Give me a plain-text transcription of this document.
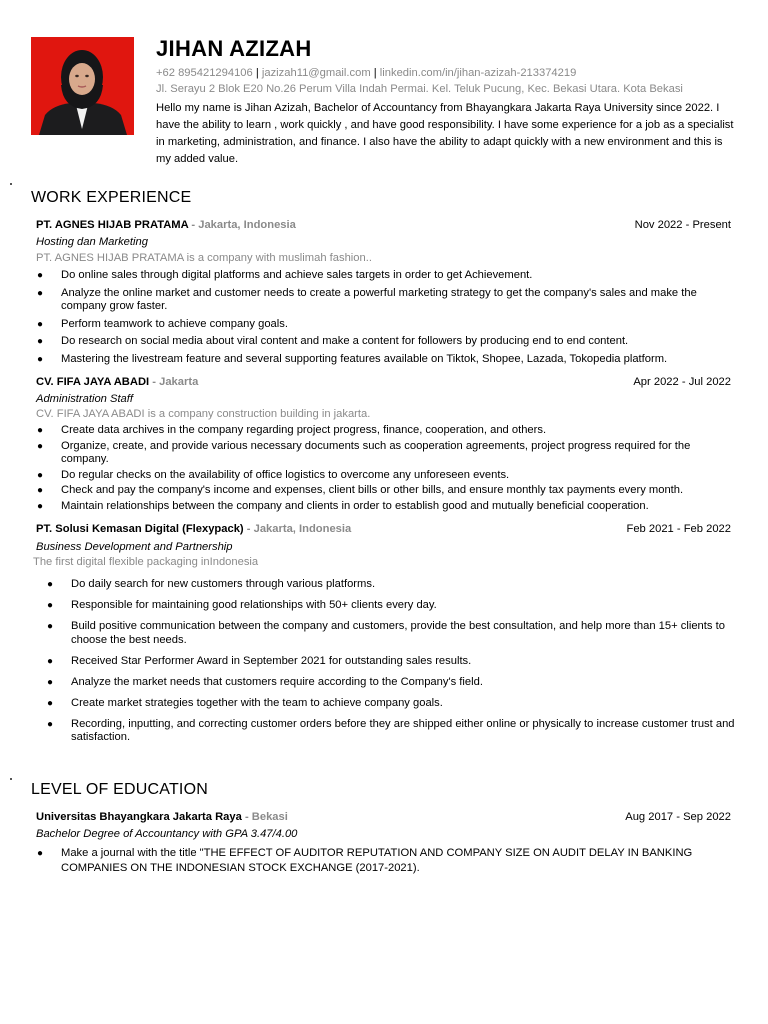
JIHAN AZIZAH
+62 895421294106 | jazizah11@gmail.com | linkedin.com/in/jihan-azizah-213374219
Jl. Serayu 2 Blok E20 No.26 Perum Villa Indah Permai. Kel. Teluk Pucung, Kec. Bekasi Utara. Kota Bekasi

Hello my name is Jihan Azizah, Bachelor of Accountancy from Bhayangkara Jakarta Raya University since 2022. I have the ability to learn , work quickly , and have good responsibility. I have some experience for a job as a specialist in marketing, administration, and finance. I also have the ability to adapt quickly with a new environment and this is my added value.

WORK EXPERIENCE
PT. AGNES HIJAB PRATAMA - Jakarta, Indonesia	Nov 2022 - Present
Hosting dan Marketing
PT. AGNES HIJAB PRATAMA is a company with muslimah fashion..
● Do online sales through digital platforms and achieve sales targets in order to get Achievement.
● Analyze the online market and customer needs to create a powerful marketing strategy to get the company's sales and make the company grow faster.
● Perform teamwork to achieve company goals.
● Do research on social media about viral content and make a content for followers by producing end to end content.
● Mastering the livestream feature and several supporting features available on Tiktok, Shopee, Lazada, Tokopedia platform.
CV. FIFA JAYA ABADI - Jakarta	Apr 2022 - Jul 2022
Administration Staff
CV. FIFA JAYA ABADI is a company construction building in jakarta.
● Create data archives in the company regarding project progress, finance, cooperation, and others.
● Organize, create, and provide various necessary documents such as cooperation agreements, project progress required for the company.
● Do regular checks on the availability of office logistics to overcome any unforeseen events.
● Check and pay the company's income and expenses, client bills or other bills, and ensure monthly tax payments every month.
● Maintain relationships between the company and clients in order to establish good and mutually beneficial cooperation.
PT. Solusi Kemasan Digital (Flexypack) - Jakarta, Indonesia	Feb 2021 - Feb 2022
Business Development and Partnership
The first digital flexible packaging inIndonesia
● Do daily search for new customers through various platforms.
● Responsible for maintaining good relationships with 50+ clients every day.
● Build positive communication between the company and customers, provide the best consultation, and help more than 15+ clients to choose the best needs.
● Received Star Performer Award in September 2021 for outstanding sales results.
● Analyze the market needs that customers require according to the Company's field.
● Create market strategies together with the team to achieve company goals.
● Recording, inputting, and correcting customer orders before they are shipped either online or physically to increase customer trust and satisfaction.
LEVEL OF EDUCATION
Universitas Bhayangkara Jakarta Raya - Bekasi	Aug 2017 - Sep 2022
Bachelor Degree of Accountancy with GPA 3.47/4.00
● Make a journal with the title "THE EFFECT OF AUDITOR REPUTATION AND COMPANY SIZE ON AUDIT DELAY IN BANKING COMPANIES ON THE INDONESIAN STOCK EXCHANGE (2017-2021).
